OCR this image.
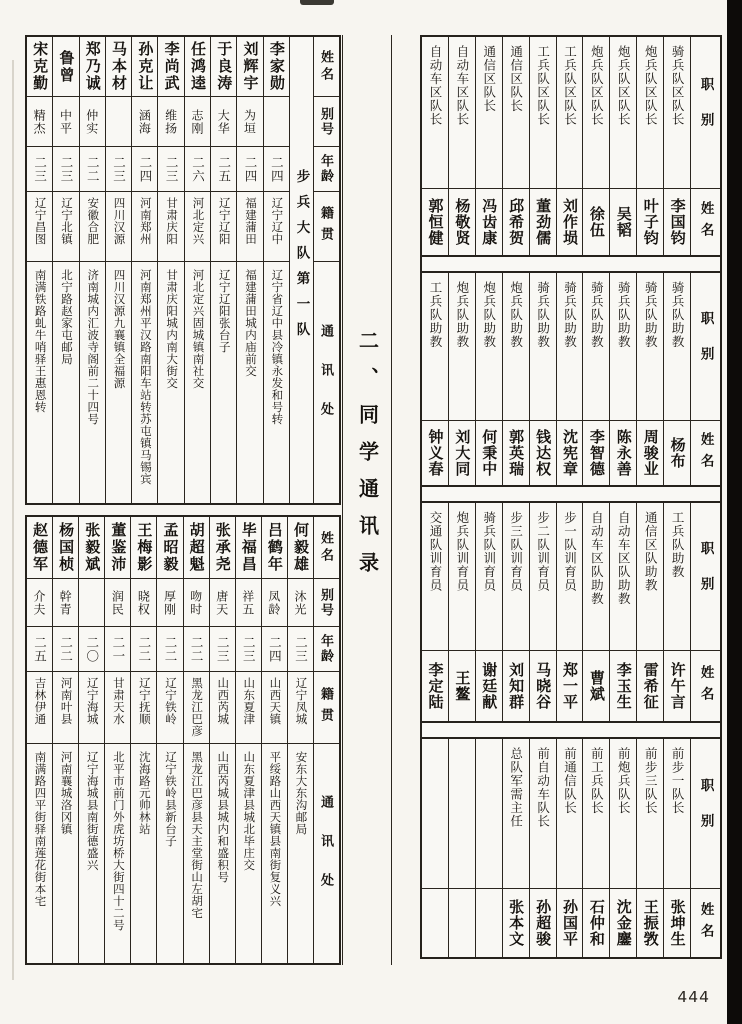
宋克勤
精杰
二三
辽宁昌图
南满铁路虬牛哨驿王惠恩转
鲁曾
中平
二三
辽宁北镇
北宁路赵家屯邮局
郑乃诚
仲实
二二
安徽合肥
济南城内汇波寺阁前二十四号
马本材
二三
四川汉源
四川汉源九襄镇全福源
孙克让
涵海
二四
河南郑州
河南郑州平汉路南阳车站转苏屯镇马锡宾
李尚武
维扬
二三
甘肃庆阳
甘肃庆阳城内南大街交
任鸿逵
志刚
二六
河北定兴
河北定兴固城镇南社交
于良涛
大华
二五
辽宁辽阳
辽宁辽阳张台子
刘辉宇
为垣
二四
福建蒲田
福建蒲田城内庙前交
李家勋
二四
辽宁辽中
辽宁省辽中县冷镇永发和号转 步兵大队第一队
姓名
别号
年龄
籍贯
通讯处
赵德军
介夫
二五
吉林伊通
南满路四平街驿南莲花街本宅
杨国桢
幹青
二二
河南叶县
河南襄城洛冈镇
张毅斌
二〇
辽宁海城
辽宁海城县南街德盛兴
董鉴沛
润民
二一
甘肃天水
北平市前门外虎坊桥大街四十二号
王梅影
晓权
二二
辽宁抚顺
沈海路元帅林站
孟昭毅
厚刚
二二
辽宁铁岭
辽宁铁岭县新台子
胡超魁
吻时
二二
黑龙江巴彦
黑龙江巴彦县天主堂街山左胡宅
张承尧
唐天
二三
山西芮城
山西芮城县城内和盛积号
毕福昌
祥五
二三
山东夏津
山东夏津县城北毕庄交
吕鹤年
凤龄
二四
山西天镇
平绥路山西天镇县南街复义兴
何毅雄
沐光
二三
辽宁凤城
安东大东沟邮局
姓名
别号
年龄
籍贯
通讯处
二、同学通讯录
自动车区队长
郭恒健
自动车区队长
杨敬贤
通信区队长
冯齿康
通信区队长
邱希贺
工兵队区队长
董劲儒
工兵队区队长
刘作埙
炮兵队区队长
徐伍
炮兵队区队长
吴韬
炮兵队区队长
叶子钧
骑兵队区队长
李国钧
职别
姓名
工兵队助教
钟义春
炮兵队助教
刘大同
炮兵队助教
何秉中
炮兵队助教
郭英瑞
骑兵队助教
钱达权
骑兵队助教
沈宪章
骑兵队助教
李智德
骑兵队助教
陈永善
骑兵队助教
周骏业
骑兵队助教
杨布
职别
姓名
交通队训育员
李定陆
炮兵队训育员
王鳌
骑兵队训育员
谢廷献
步三队训育员
刘知群
步二队训育员
马晓谷
步一队训育员
郑一平
自动车区队助教
曹斌
自动车区队助教
李玉生
通信区队助教
雷希征
工兵队助教
许午言
职别
姓名
总队军需主任
张本文
前自动车队长
孙超骏
前通信队长
孙国平
前工兵队长
石仲和
前炮兵队长
沈金鏖
前步三队长
王振敩
前步一队长
张坤生
职别
姓名
444
